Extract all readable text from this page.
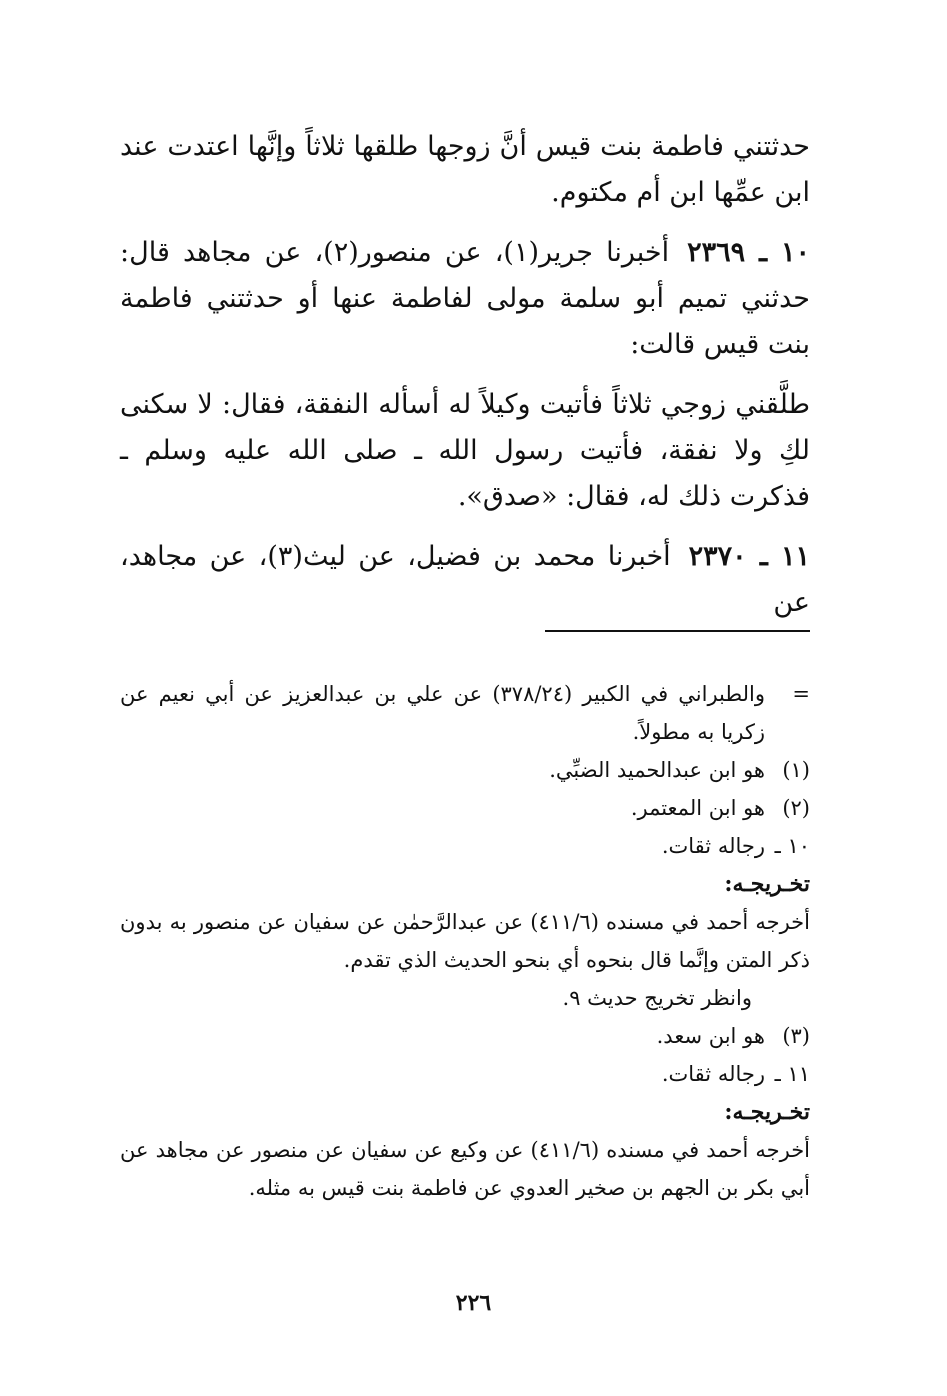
حدثتني فاطمة بنت قيس أنَّ زوجها طلقها ثلاثاً وإنَّها اعتدت عند ابن عمِّها ابن أم مكتوم.

١٠ ـ ٢٣٦٩أخبرنا جرير(١)، عن منصور(٢)، عن مجاهد قال: حدثني تميم أبو سلمة مولى لفاطمة عنها أو حدثتني فاطمة بنت قيس قالت:

طلَّقني زوجي ثلاثاً فأتيت وكيلاً له أسأله النفقة، فقال: لا سكنى لكِ ولا نفقة، فأتيت رسول الله ـ صلى الله عليه وسلم ـ فذكرت ذلك له، فقال: «صدق».

١١ ـ ٢٣٧٠أخبرنا محمد بن فضيل، عن ليث(٣)، عن مجاهد، عن

=
والطبراني في الكبير (٣٧٨/٢٤) عن علي بن عبدالعزيز عن أبي نعيم عن زكريا به مطولاً.
(١)
هو ابن عبدالحميد الضبِّي.
(٢)
هو ابن المعتمر.
١٠ ـ
رجاله ثقات.

تخـريجـه:

أخرجه أحمد في مسنده (٤١١/٦) عن عبدالرَّحمٰن عن سفيان عن منصور به بدون ذكر المتن وإنَّما قال بنحوه أي بنحو الحديث الذي تقدم.

وانظر تخريج حديث ٩.

(٣)
هو ابن سعد.
١١ ـ
رجاله ثقات.

تخـريجـه:

أخرجه أحمد في مسنده (٤١١/٦) عن وكيع عن سفيان عن منصور عن مجاهد عن أبي بكر بن الجهم بن صخير العدوي عن فاطمة بنت قيس به مثله.

٢٢٦
